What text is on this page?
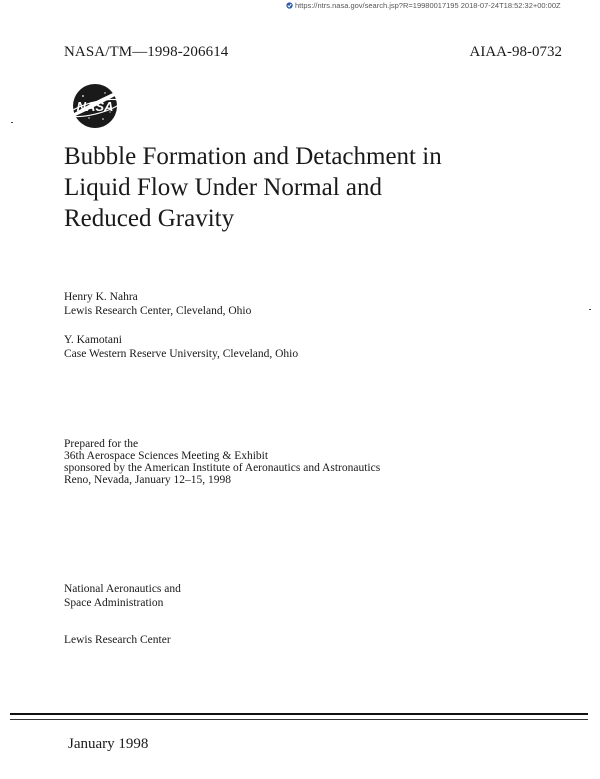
https://ntrs.nasa.gov/search.jsp?R=19980017195 2018-07-24T18:52:32+00:00Z
NASA/TM—1998-206614	AIAA-98-0732
NASA
Bubble Formation and Detachment in
Liquid Flow Under Normal and
Reduced Gravity
Henry K. Nahra
Lewis Research Center, Cleveland, Ohio
Y. Kamotani
Case Western Reserve University, Cleveland, Ohio
Prepared for the
36th Aerospace Sciences Meeting & Exhibit
sponsored by the American Institute of Aeronautics and Astronautics
Reno, Nevada, January 12–15, 1998
National Aeronautics and
Space Administration
Lewis Research Center
January 1998
